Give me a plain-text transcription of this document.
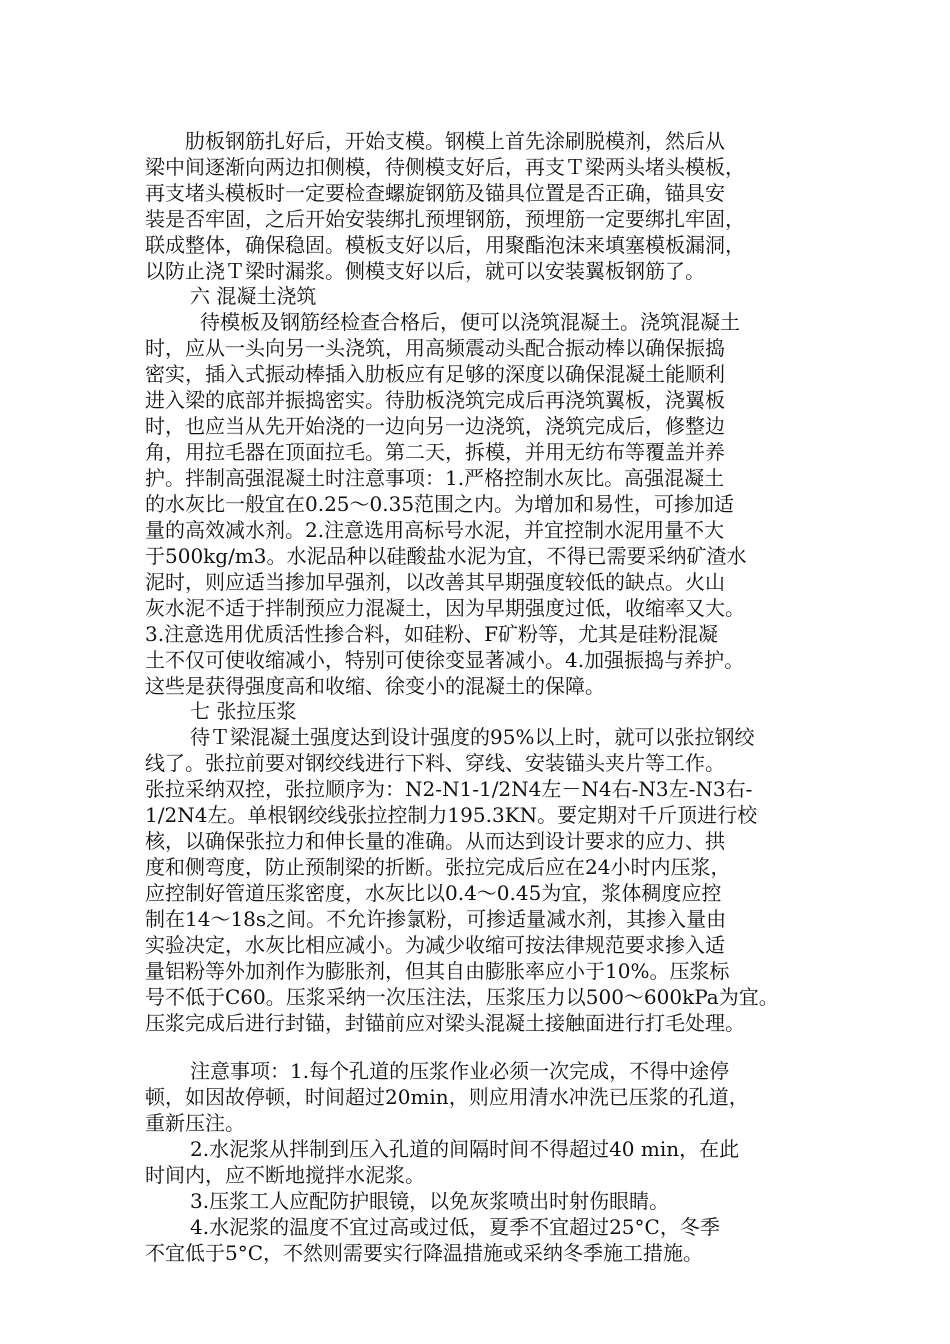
　　肋板钢筋扎好后，开始支模。钢模上首先涂刷脱模剂，然后从
梁中间逐渐向两边扣侧模，待侧模支好后，再支Ｔ梁两头堵头模板，
再支堵头模板时一定要检查螺旋钢筋及锚具位置是否正确，锚具安
装是否牢固，之后开始安装绑扎预埋钢筋，预埋筋一定要绑扎牢固，
联成整体，确保稳固。模板支好以后，用聚酯泡沫来填塞模板漏洞，
以防止浇Ｔ梁时漏浆。侧模支好以后，就可以安装翼板钢筋了。
六 混凝土浇筑
待模板及钢筋经检查合格后，便可以浇筑混凝土。浇筑混凝土
时，应从一头向另一头浇筑，用高频震动头配合振动棒以确保振捣
密实，插入式振动棒插入肋板应有足够的深度以确保混凝土能顺利
进入梁的底部并振捣密实。待肋板浇筑完成后再浇筑翼板，浇翼板
时，也应当从先开始浇的一边向另一边浇筑，浇筑完成后，修整边
角，用拉毛器在顶面拉毛。第二天，拆模，并用无纺布等覆盖并养
护。拌制高强混凝土时注意事项：1.严格控制水灰比。高强混凝土
的水灰比一般宜在0.25～0.35范围之内。为增加和易性，可掺加适
量的高效减水剂。2.注意选用高标号水泥，并宜控制水泥用量不大
于500kg/m3。水泥品种以硅酸盐水泥为宜，不得已需要采纳矿渣水
泥时，则应适当掺加早强剂，以改善其早期强度较低的缺点。火山
灰水泥不适于拌制预应力混凝土，因为早期强度过低，收缩率又大。
3.注意选用优质活性掺合料，如硅粉、F矿粉等，尤其是硅粉混凝
土不仅可使收缩减小，特别可使徐变显著减小。4.加强振捣与养护。
这些是获得强度高和收缩、徐变小的混凝土的保障。
七 张拉压浆
待Ｔ梁混凝土强度达到设计强度的95%以上时，就可以张拉钢绞
线了。张拉前要对钢绞线进行下料、穿线、安装锚头夹片等工作。
张拉采纳双控，张拉顺序为：N2-N1-1/2N4左－N4右-N3左-N3右-
1/2N4左。单根钢绞线张拉控制力195.3KN。要定期对千斤顶进行校
核，以确保张拉力和伸长量的准确。从而达到设计要求的应力、拱
度和侧弯度，防止预制梁的折断。张拉完成后应在24小时内压浆，
应控制好管道压浆密度，水灰比以0.4～0.45为宜，浆体稠度应控
制在14～18s之间。不允许掺氯粉，可掺适量减水剂，其掺入量由
实验决定，水灰比相应减小。为减少收缩可按法律规范要求掺入适
量铝粉等外加剂作为膨胀剂，但其自由膨胀率应小于10%。压浆标
号不低于C60。压浆采纳一次压注法，压浆压力以500～600kPa为宜。
压浆完成后进行封锚，封锚前应对梁头混凝土接触面进行打毛处理。
注意事项：1.每个孔道的压浆作业必须一次完成，不得中途停
顿，如因故停顿，时间超过20min，则应用清水冲洗已压浆的孔道，
重新压注。
2.水泥浆从拌制到压入孔道的间隔时间不得超过40 min，在此
时间内，应不断地搅拌水泥浆。
3.压浆工人应配防护眼镜，以免灰浆喷出时射伤眼睛。
4.水泥浆的温度不宜过高或过低，夏季不宜超过25°C，冬季
不宜低于5°C，不然则需要实行降温措施或采纳冬季施工措施。
